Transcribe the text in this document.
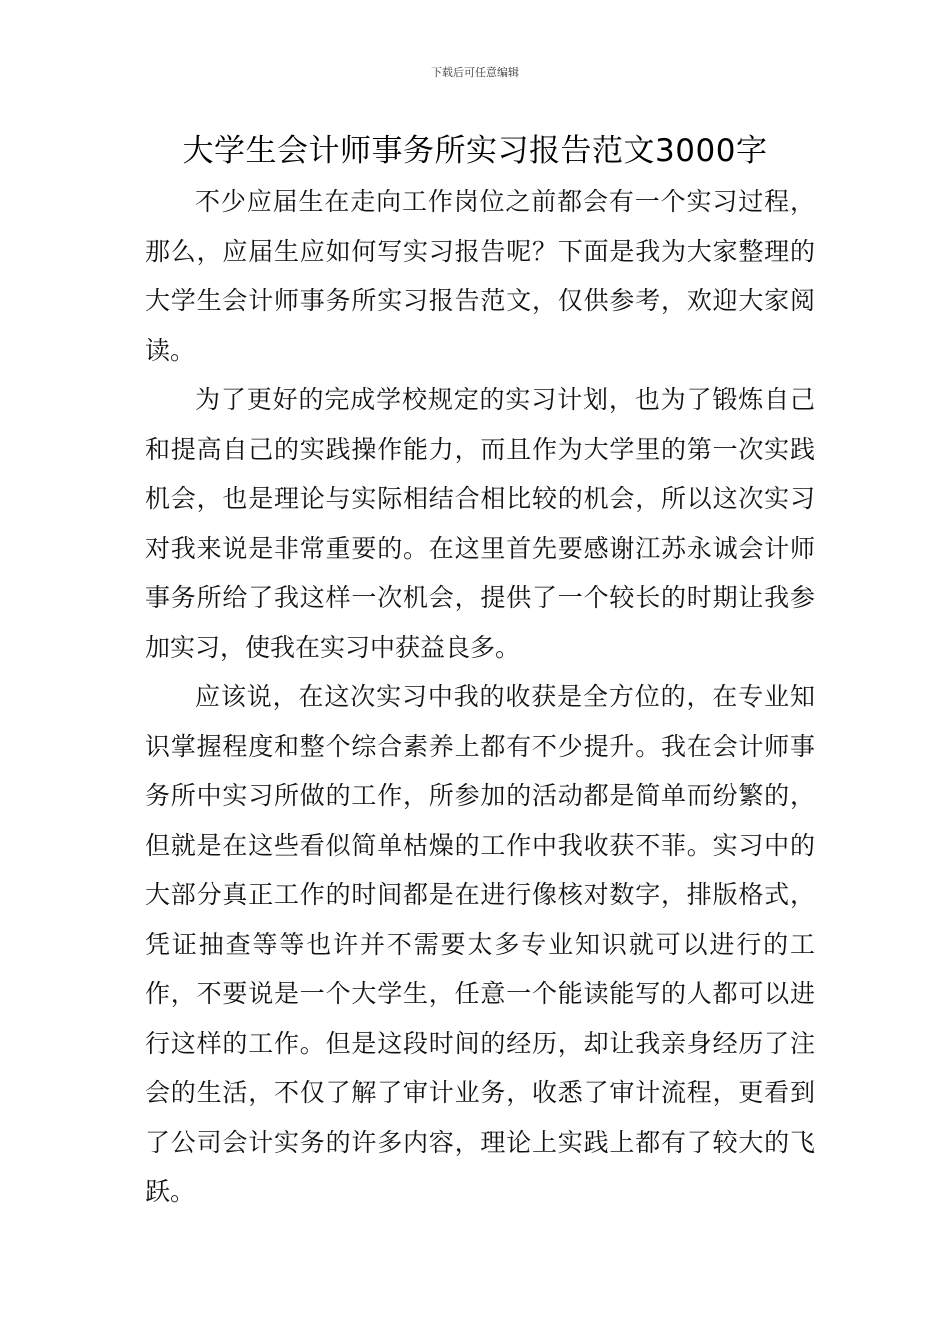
下载后可任意编辑

大学生会计师事务所实习报告范文3000字

不少应届生在走向工作岗位之前都会有一个实习过程，那么，应届生应如何写实习报告呢？下面是我为大家整理的大学生会计师事务所实习报告范文，仅供参考，欢迎大家阅读。

为了更好的完成学校规定的实习计划，也为了锻炼自己和提高自己的实践操作能力，而且作为大学里的第一次实践机会，也是理论与实际相结合相比较的机会，所以这次实习对我来说是非常重要的。在这里首先要感谢江苏永诚会计师事务所给了我这样一次机会，提供了一个较长的时期让我参加实习，使我在实习中获益良多。

应该说，在这次实习中我的收获是全方位的，在专业知识掌握程度和整个综合素养上都有不少提升。我在会计师事务所中实习所做的工作，所参加的活动都是简单而纷繁的，但就是在这些看似简单枯燥的工作中我收获不菲。实习中的大部分真正工作的时间都是在进行像核对数字，排版格式，凭证抽查等等也许并不需要太多专业知识就可以进行的工作，不要说是一个大学生，任意一个能读能写的人都可以进行这样的工作。但是这段时间的经历，却让我亲身经历了注会的生活，不仅了解了审计业务，收悉了审计流程，更看到了公司会计实务的许多内容，理论上实践上都有了较大的飞跃。
